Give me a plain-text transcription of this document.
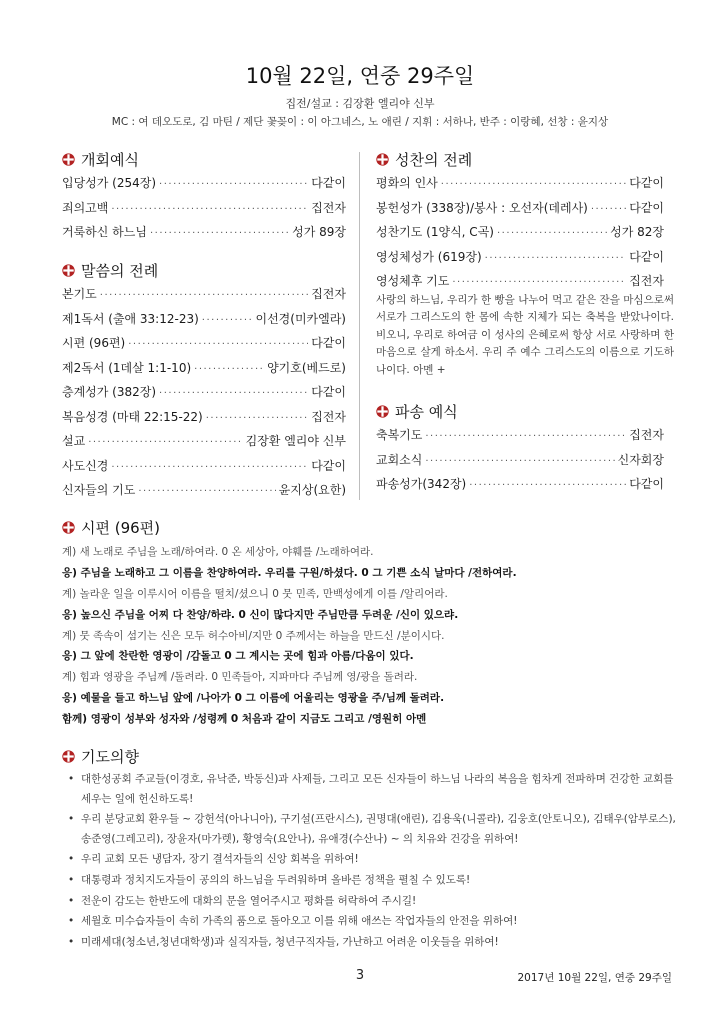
10월 22일, 연중 29주일
집전/설교 : 김장환 엘리야 신부
MC : 여 데오도로, 김 마틴 / 제단 꽃꽂이 : 이 아그네스, 노 애린 / 지휘 : 서하나, 반주 : 이랑혜, 선창 : 윤지상
개회예식
입당성가 (254장) ·····	다같이
죄의고백 ·····	집전자
거룩하신 하느님 ·····	성가 89장
말씀의 전례
본기도 ·····	집전자
제1독서 (출애 33:12-23) ·····	이선경(미카엘라)
시편 (96편) ·····	다같이
제2독서 (1데살 1:1-10) ·····	양기호(베드로)
층계성가 (382장) ·····	다같이
복음성경 (마태 22:15-22) ·····	집전자
설교 ·····	김장환 엘리야 신부
사도신경 ·····	다같이
신자들의 기도 ·····	윤지상(요한)
성찬의 전례
평화의 인사 ·····	다같이
봉헌성가 (338장)/봉사 : 오선자(데레사) ·····	다같이
성찬기도 (1양식, C곡) ·····	성가 82장
영성체성가 (619장) ·····	다같이
영성체후 기도 ·····	집전자
사랑의 하느님, 우리가 한 빵을 나누어 먹고 같은 잔을 마심으로써 서로가 그리스도의 한 몸에 속한 지체가 되는 축복을 받았나이다. 비오니, 우리로 하여금 이 성사의 은혜로써 항상 서로 사랑하며 한 마음으로 살게 하소서. 우리 주 예수 그리스도의 이름으로 기도하나이다. 아멘 +
파송 예식
축복기도 ·····	집전자
교회소식 ·····	신자회장
파송성가(342장) ·····	다같이
시편 (96편)
계) 새 노래로 주님을 노래/하여라. 0 온 세상아, 야훼를 /노래하여라.
응) 주님을 노래하고 그 이름을 찬양하여라. 우리를 구원/하셨다. 0 그 기쁜 소식 날마다 /전하여라.
계) 놀라운 일을 이루시어 이름을 떨치/셨으니 0 뭇 민족, 만백성에게 이를 /알리어라.
응) 높으신 주님을 어찌 다 찬양/하랴. 0 신이 많다지만 주님만큼 두려운 /신이 있으랴.
계) 뭇 족속이 섬기는 신은 모두 허수아비/지만 0 주께서는 하늘을 만드신 /분이시다.
응) 그 앞에 찬란한 영광이 /감돌고 0 그 계시는 곳에 힘과 아름/다움이 있다.
계) 힘과 영광을 주님께 /돌려라. 0 민족들아, 지파마다 주님께 영/광을 돌려라.
응) 예물을 들고 하느님 앞에 /나아가 0 그 이름에 어울리는 영광을 주/님께 돌려라.
함께) 영광이 성부와 성자와 /성령께 0 처음과 같이 지금도 그리고 /영원히 아멘
기도의향
• 대한성공회 주교들(이경호, 유낙준, 박동신)과 사제들, 그리고 모든 신자들이 하느님 나라의 복음을 힘차게 전파하며 건강한 교회를 세우는 일에 헌신하도록!
• 우리 분당교회 환우들 ~ 강헌석(아나니아), 구기설(프란시스), 권명대(애린), 김용욱(니콜라), 김웅호(안토니오), 김태우(암부로스), 송준영(그레고리), 장윤자(마가렛), 황영숙(요안나), 유애경(수산나) ~ 의 치유와 건강을 위하여!
• 우리 교회 모든 냉담자, 장기 결석자들의 신앙 회복을 위하여!
• 대통령과 정치지도자들이 공의의 하느님을 두려워하며 올바른 정책을 펼칠 수 있도록!
• 전운이 감도는 한반도에 대화의 문을 열어주시고 평화를 허락하여 주시길!
• 세월호 미수습자들이 속히 가족의 품으로 돌아오고 이를 위해 애쓰는 작업자들의 안전을 위하여!
• 미래세대(청소년,청년대학생)과 실직자들, 청년구직자들, 가난하고 어려운 이웃들을 위하여!
3	2017년 10월 22일, 연중 29주일
